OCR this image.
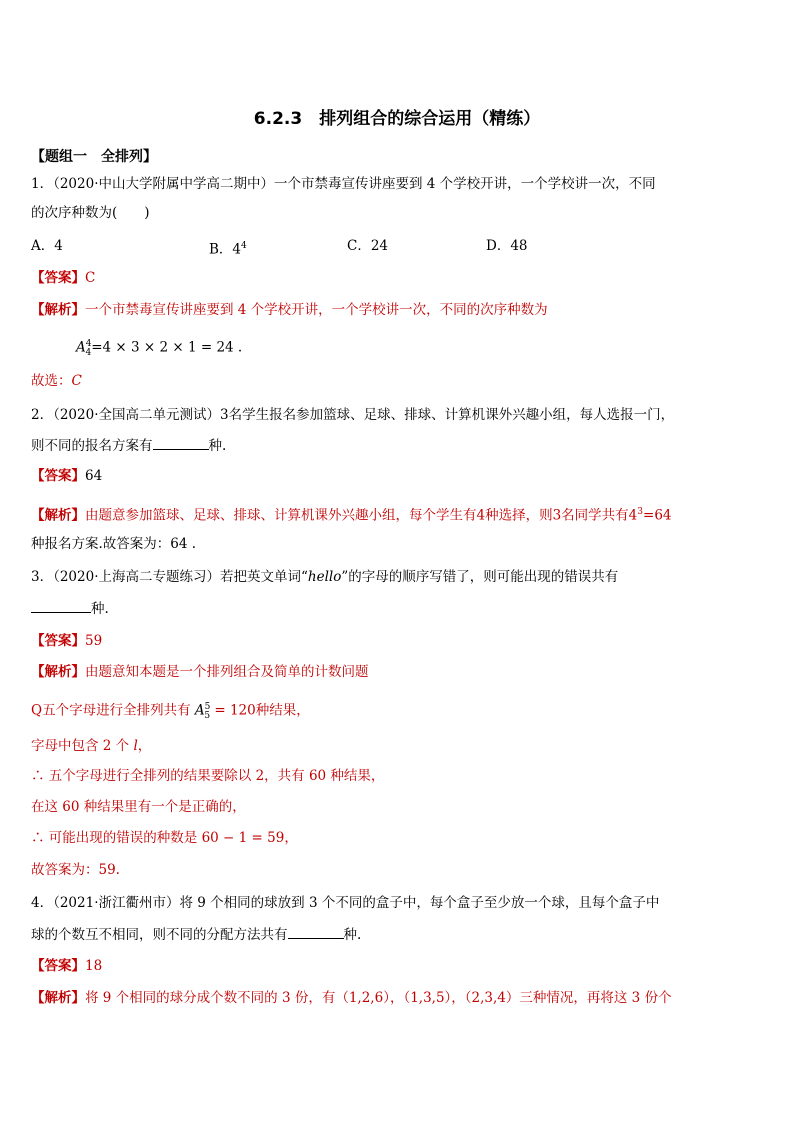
6.2.3　排列组合的综合运用（精练）
【题组一　全排列】
1．（2020·中山大学附属中学高二期中）一个市禁毒宣传讲座要到 4 个学校开讲，一个学校讲一次，不同
的次序种数为(　　)
A．4	B．$4^4$	C．24	D．48
【答案】C
【解析】一个市禁毒宣传讲座要到 4 个学校开讲，一个学校讲一次，不同的次序种数为
$A^4_4=4 \times 3 \times 2 \times 1 = 24$ .
故选：C
2．（2020·全国高二单元测试）3名学生报名参加篮球、足球、排球、计算机课外兴趣小组，每人选报一门，
则不同的报名方案有	种.
【答案】64
【解析】由题意参加篮球、足球、排球、计算机课外兴趣小组，每个学生有4种选择，则3名同学共有$4^3=64$
种报名方案.故答案为：64 .
3．（2020·上海高二专题练习）若把英文单词“hello”的字母的顺序写错了，则可能出现的错误共有
种.
【答案】59
【解析】由题意知本题是一个排列组合及简单的计数问题
Q五个字母进行全排列共有 $A^5_5 = 120$种结果，
字母中包含 2 个 l，
∴ 五个字母进行全排列的结果要除以 2，共有 60 种结果，
在这 60 种结果里有一个是正确的，
∴ 可能出现的错误的种数是 60 − 1 = 59，
故答案为：59.
4．（2021·浙江衢州市）将 9 个相同的球放到 3 个不同的盒子中，每个盒子至少放一个球，且每个盒子中
球的个数互不相同，则不同的分配方法共有	种.
【答案】18
【解析】将 9 个相同的球分成个数不同的 3 份，有（1,2,6），（1,3,5），（2,3,4）三种情况，再将这 3 份个
